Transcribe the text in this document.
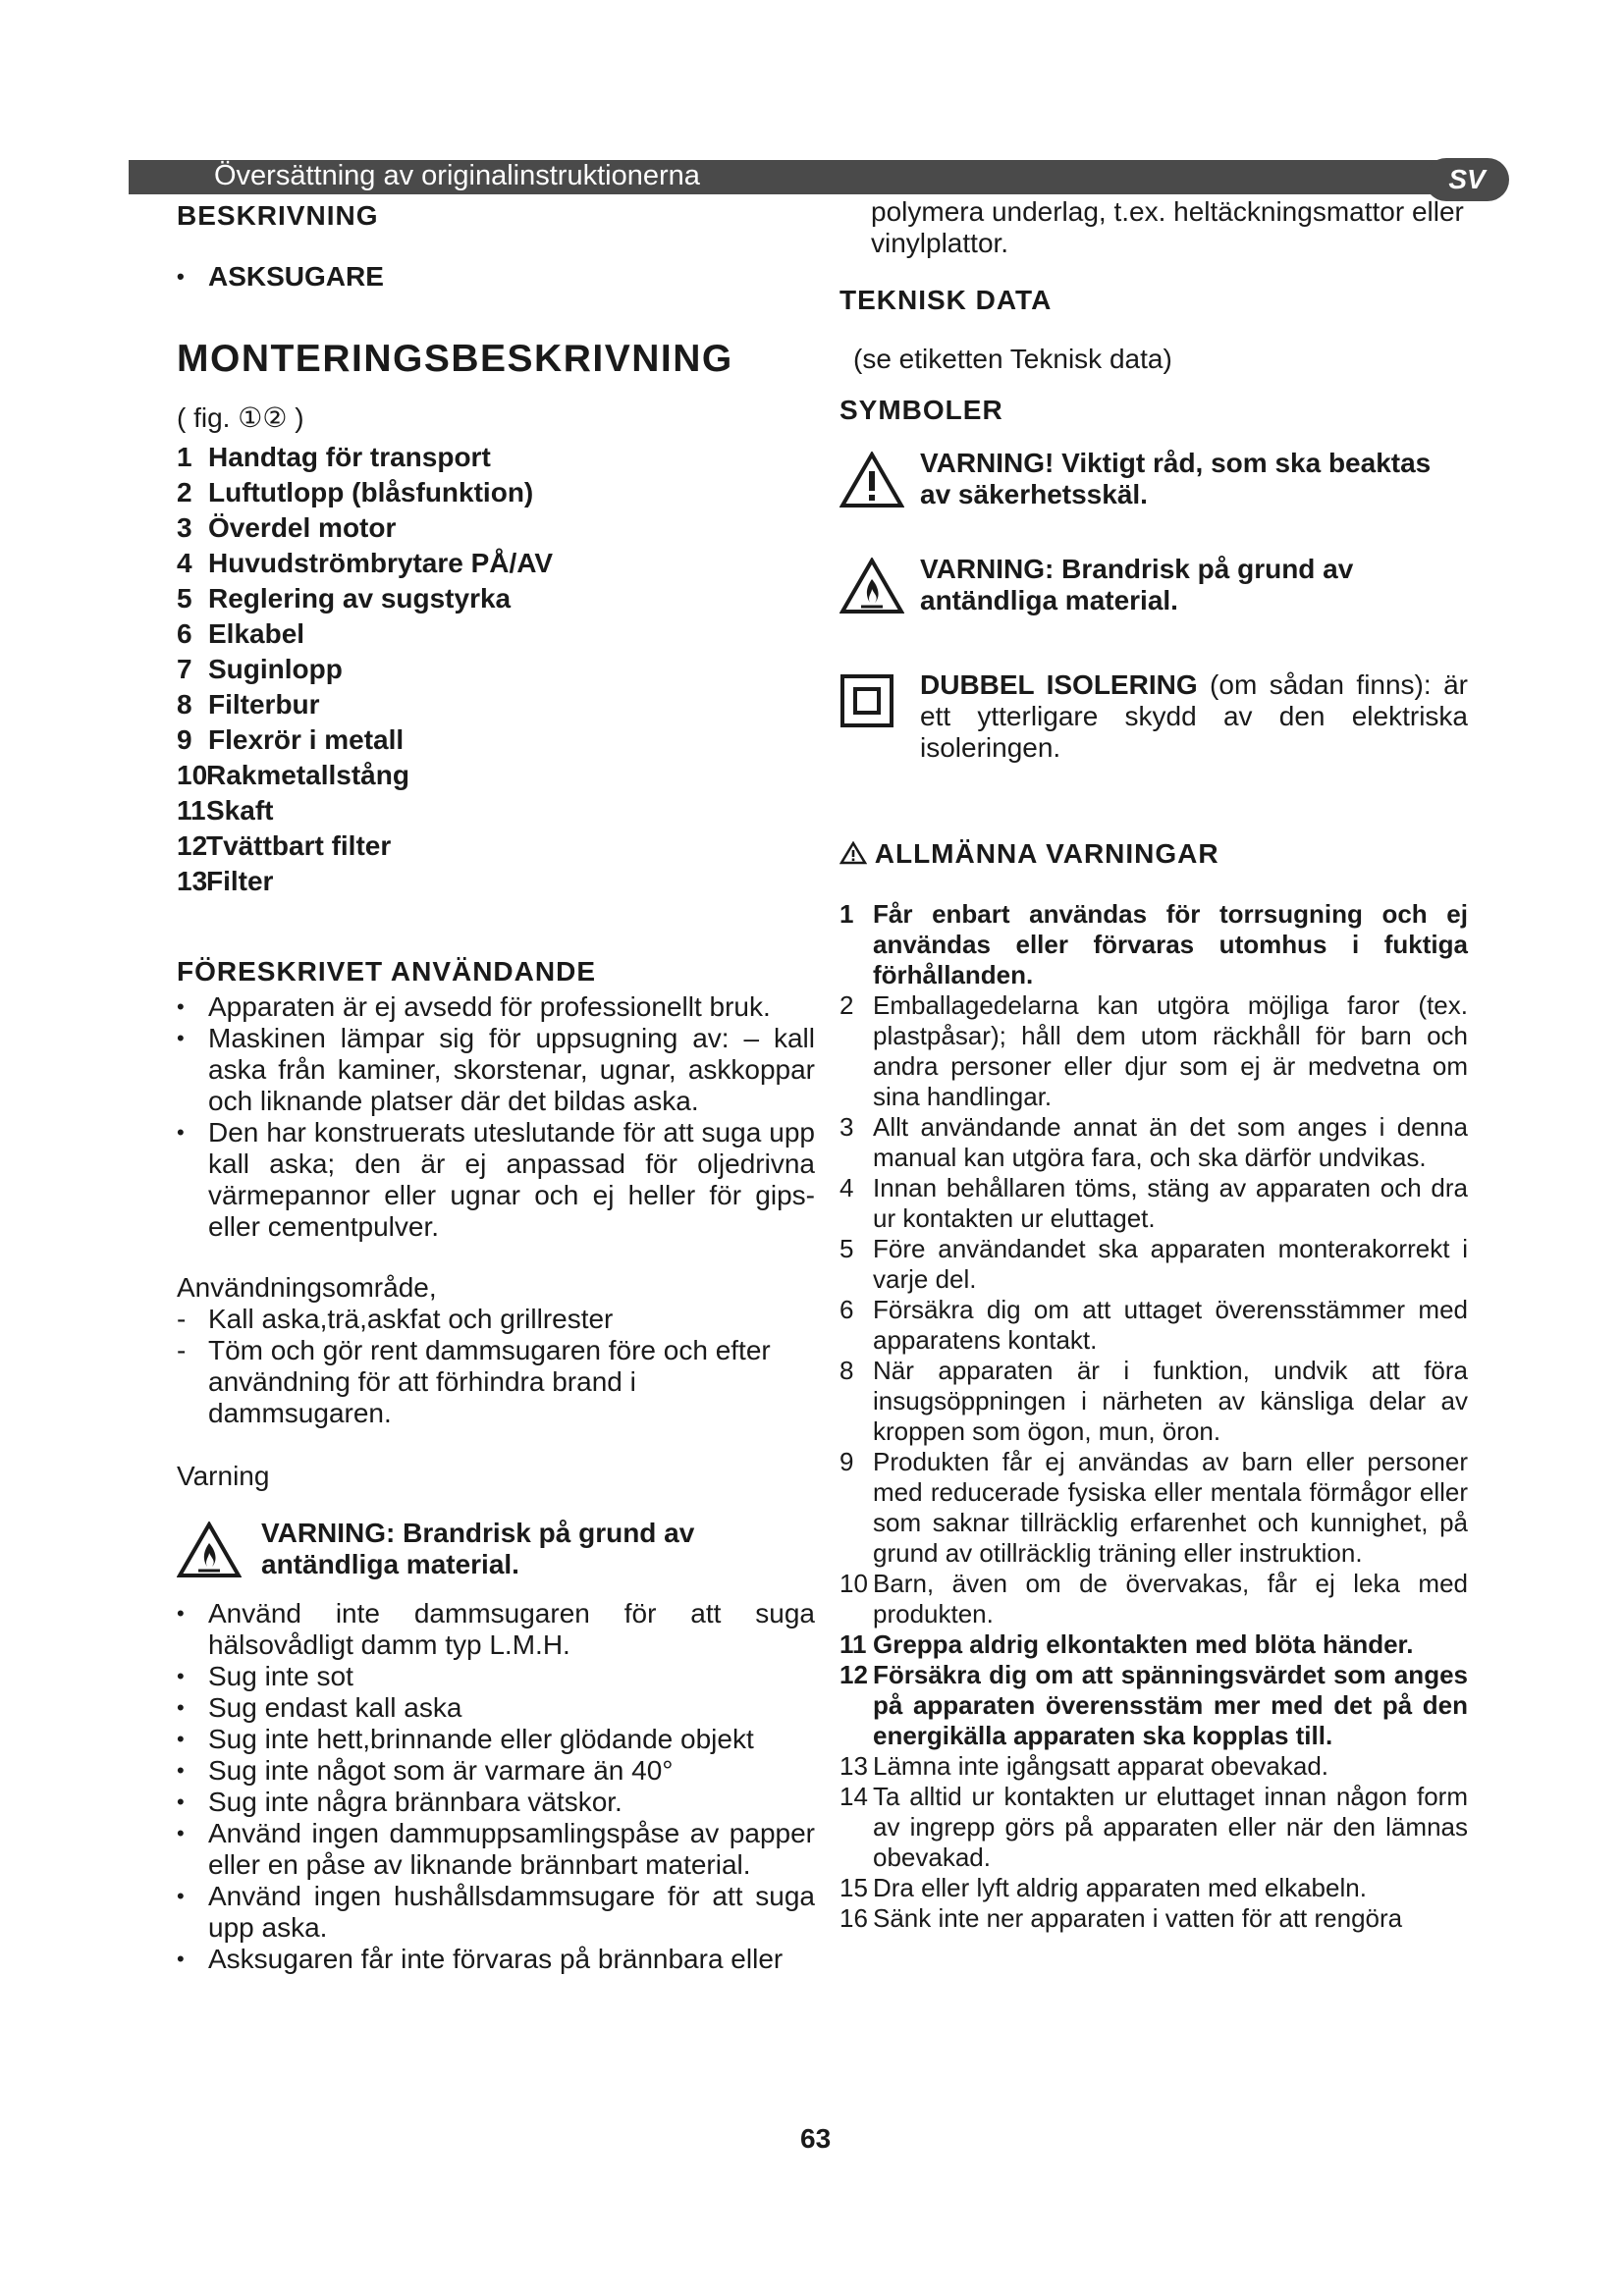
Översättning av originalinstruktionerna	SV

BESKRIVNING

• ASKSUGARE

MONTERINGSBESKRIVNING

( fig. ①② )
1 Handtag för transport
2 Luftutlopp (blåsfunktion)
3 Överdel motor
4 Huvudströmbrytare PÅ/AV
5 Reglering av sugstyrka
6 Elkabel
7 Suginlopp
8 Filterbur
9 Flexrör i metall
10Rakmetallstång
11Skaft
12Tvättbart filter
13Filter

FÖRESKRIVET ANVÄNDANDE

• Apparaten är ej avsedd för professionellt bruk.
• Maskinen lämpar sig för uppsugning av: – kall aska från kaminer, skorstenar, ugnar, askkoppar och liknande platser där det bildas aska.
• Den har konstruerats uteslutande för att suga upp kall aska; den är ej anpassad för oljedrivna värmepannor eller ugnar och ej heller för gips- eller cementpulver.
Användningsområde,
- Kall aska,trä,askfat och grillrester
- Töm och gör rent dammsugaren före och efter användning för att förhindra brand i dammsugaren.
Varning
VARNING: Brandrisk på grund av antändliga material.
• Använd inte dammsugaren för att suga hälsovådligt damm typ L.M.H.
• Sug inte sot
• Sug endast kall aska
• Sug inte hett,brinnande eller glödande objekt
• Sug inte något som är varmare än 40°
• Sug inte några brännbara vätskor.
• Använd ingen dammuppsamlingspåse av papper eller en påse av liknande brännbart material.
• Använd ingen hushållsdammsugare för att suga upp aska.
• Asksugaren får inte förvaras på brännbara eller
polymera underlag, t.ex. heltäckningsmattor eller vinylplattor.

TEKNISK DATA

(se etiketten Teknisk data)

SYMBOLER

VARNING! Viktigt råd, som ska beaktas av säkerhetsskäl.
VARNING: Brandrisk på grund av antändliga material.
DUBBEL ISOLERING (om sådan finns): är ett ytterligare skydd av den elektriska isoleringen.

ALLMÄNNA VARNINGAR

1 Får enbart användas för torrsugning och ej användas eller förvaras utomhus i fuktiga förhållanden.
2 Emballagedelarna kan utgöra möjliga faror (tex. plastpåsar); håll dem utom räckhåll för barn och andra personer eller djur som ej är medvetna om sina handlingar.
3 Allt användande annat än det som anges i denna manual kan utgöra fara, och ska därför undvikas.
4 Innan behållaren töms, stäng av apparaten och dra ur kontakten ur eluttaget.
5 Före användandet ska apparaten monterakorrekt i varje del.
6 Försäkra dig om att uttaget överensstämmer med apparatens kontakt.
8 När apparaten är i funktion, undvik att föra insugsöppningen i närheten av känsliga delar av kroppen som ögon, mun, öron.
9 Produkten får ej användas av barn eller personer med reducerade fysiska eller mentala förmågor eller som saknar tillräcklig erfarenhet och kunnighet, på grund av otillräcklig träning eller instruktion.
10 Barn, även om de övervakas, får ej leka med produkten.
11 Greppa aldrig elkontakten med blöta händer.
12 Försäkra dig om att spänningsvärdet som anges på apparaten överensstäm mer med det på den energikälla apparaten ska kopplas till.
13 Lämna inte igångsatt apparat obevakad.
14 Ta alltid ur kontakten ur eluttaget innan någon form av ingrepp görs på apparaten eller när den lämnas obevakad.
15 Dra eller lyft aldrig apparaten med elkabeln.
16 Sänk inte ner apparaten i vatten för att rengöra
63
